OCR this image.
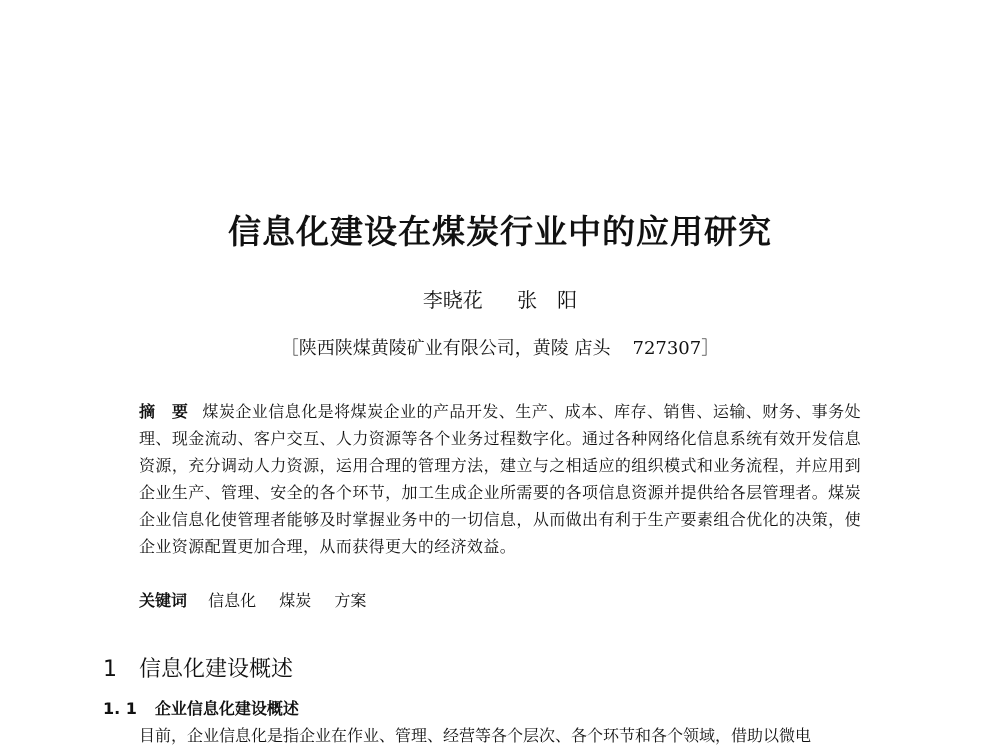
信息化建设在煤炭行业中的应用研究

李晓花 张　阳

［陕西陕煤黄陵矿业有限公司，黄陵 店头 727307］

摘　要 煤炭企业信息化是将煤炭企业的产品开发、生产、成本、库存、销售、运输、财务、事务处理、现金流动、客户交互、人力资源等各个业务过程数字化。通过各种网络化信息系统有效开发信息资源，充分调动人力资源，运用合理的管理方法，建立与之相适应的组织模式和业务流程，并应用到企业生产、管理、安全的各个环节，加工生成企业所需要的各项信息资源并提供给各层管理者。煤炭企业信息化使管理者能够及时掌握业务中的一切信息，从而做出有利于生产要素组合优化的决策，使企业资源配置更加合理，从而获得更大的经济效益。

关键词 信息化 煤炭 方案

1 信息化建设概述
1. 1 企业信息化建设概述

目前，企业信息化是指企业在作业、管理、经营等各个层次、各个环节和各个领域，借助以微电
